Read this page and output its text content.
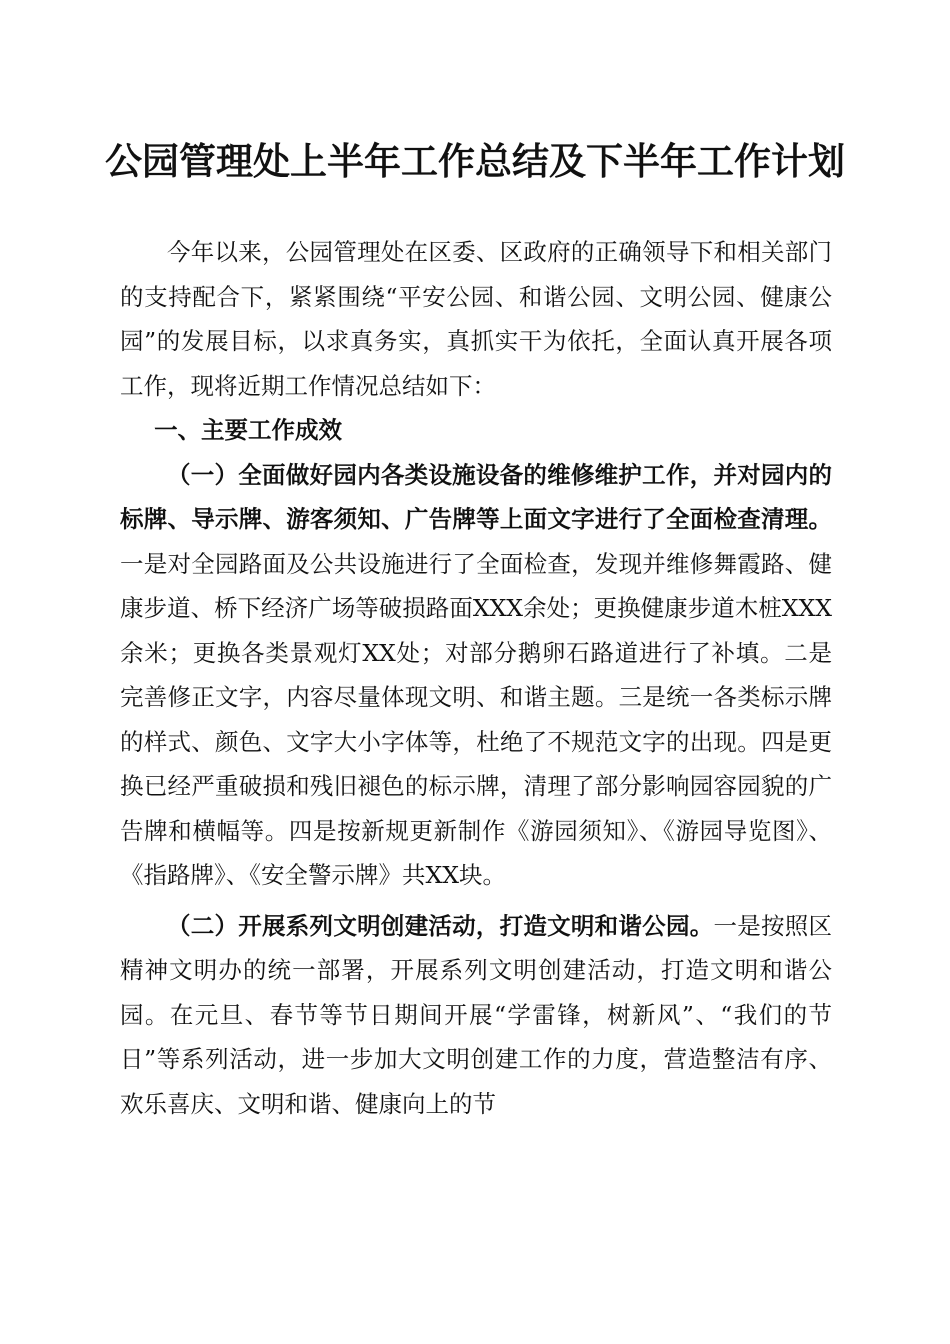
公园管理处上半年工作总结及下半年工作计划

今年以来，公园管理处在区委、区政府的正确领导下和相关部门的支持配合下，紧紧围绕“平安公园、和谐公园、文明公园、健康公园”的发展目标，以求真务实，真抓实干为依托，全面认真开展各项工作，现将近期工作情况总结如下：

一、主要工作成效

（一）全面做好园内各类设施设备的维修维护工作，并对园内的标牌、导示牌、游客须知、广告牌等上面文字进行了全面检查清理。一是对全园路面及公共设施进行了全面检查，发现并维修舞霞路、健康步道、桥下经济广场等破损路面XXX余处；更换健康步道木桩XXX余米；更换各类景观灯XX处；对部分鹅卵石路道进行了补填。二是完善修正文字，内容尽量体现文明、和谐主题。三是统一各类标示牌的样式、颜色、文字大小字体等，杜绝了不规范文字的出现。四是更换已经严重破损和残旧褪色的标示牌，清理了部分影响园容园貌的广告牌和横幅等。四是按新规更新制作《游园须知》、《游园导览图》、《指路牌》、《安全警示牌》共XX块。

（二）开展系列文明创建活动，打造文明和谐公园。一是按照区精神文明办的统一部署，开展系列文明创建活动，打造文明和谐公园。在元旦、春节等节日期间开展“学雷锋，树新风”、“我们的节日”等系列活动，进一步加大文明创建工作的力度，营造整洁有序、欢乐喜庆、文明和谐、健康向上的节
